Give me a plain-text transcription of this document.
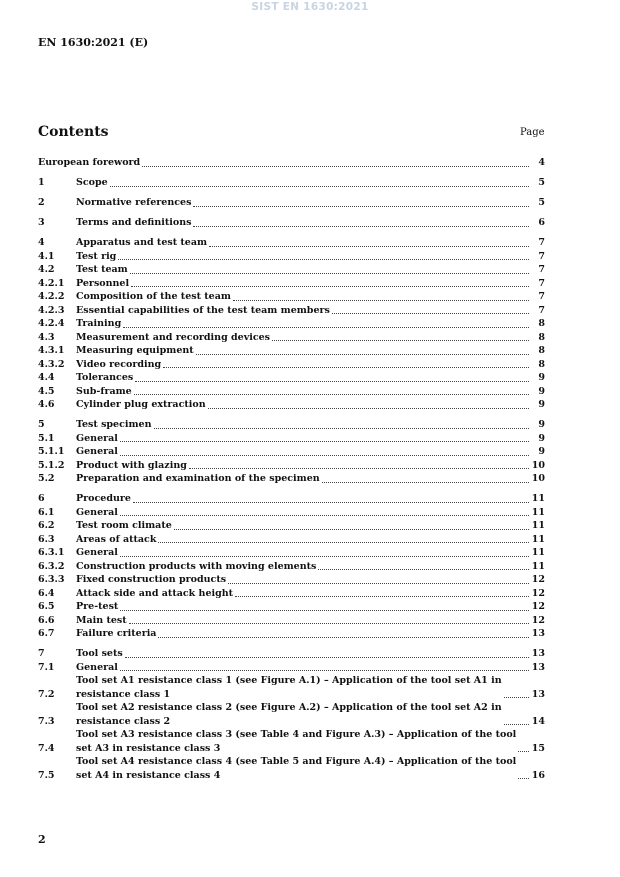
SIST EN 1630:2021
EN 1630:2021 (E)
Contents	Page
European foreword	4
1	Scope	5
2	Normative references	5
3	Terms and definitions	6
4	Apparatus and test team	7
4.1	Test rig	7
4.2	Test team	7
4.2.1	Personnel	7
4.2.2	Composition of the test team	7
4.2.3	Essential capabilities of the test team members	7
4.2.4	Training	8
4.3	Measurement and recording devices	8
4.3.1	Measuring equipment	8
4.3.2	Video recording	8
4.4	Tolerances	9
4.5	Sub-frame	9
4.6	Cylinder plug extraction	9
5	Test specimen	9
5.1	General	9
5.1.1	General	9
5.1.2	Product with glazing	10
5.2	Preparation and examination of the specimen	10
6	Procedure	11
6.1	General	11
6.2	Test room climate	11
6.3	Areas of attack	11
6.3.1	General	11
6.3.2	Construction products with moving elements	11
6.3.3	Fixed construction products	12
6.4	Attack side and attack height	12
6.5	Pre-test	12
6.6	Main test	12
6.7	Failure criteria	13
7	Tool sets	13
7.1	General	13
7.2
Tool set A1 resistance class 1 (see Figure A.1) – Application of the tool set A1 in
resistance class 1	13
7.3
Tool set A2 resistance class 2 (see Figure A.2) – Application of the tool set A2 in
resistance class 2	14
7.4
Tool set A3 resistance class 3 (see Table 4 and Figure A.3) – Application of the tool
set A3 in resistance class 3	15
7.5
Tool set A4 resistance class 4 (see Table 5 and Figure A.4) – Application of the tool
set A4 in resistance class 4	16
2
